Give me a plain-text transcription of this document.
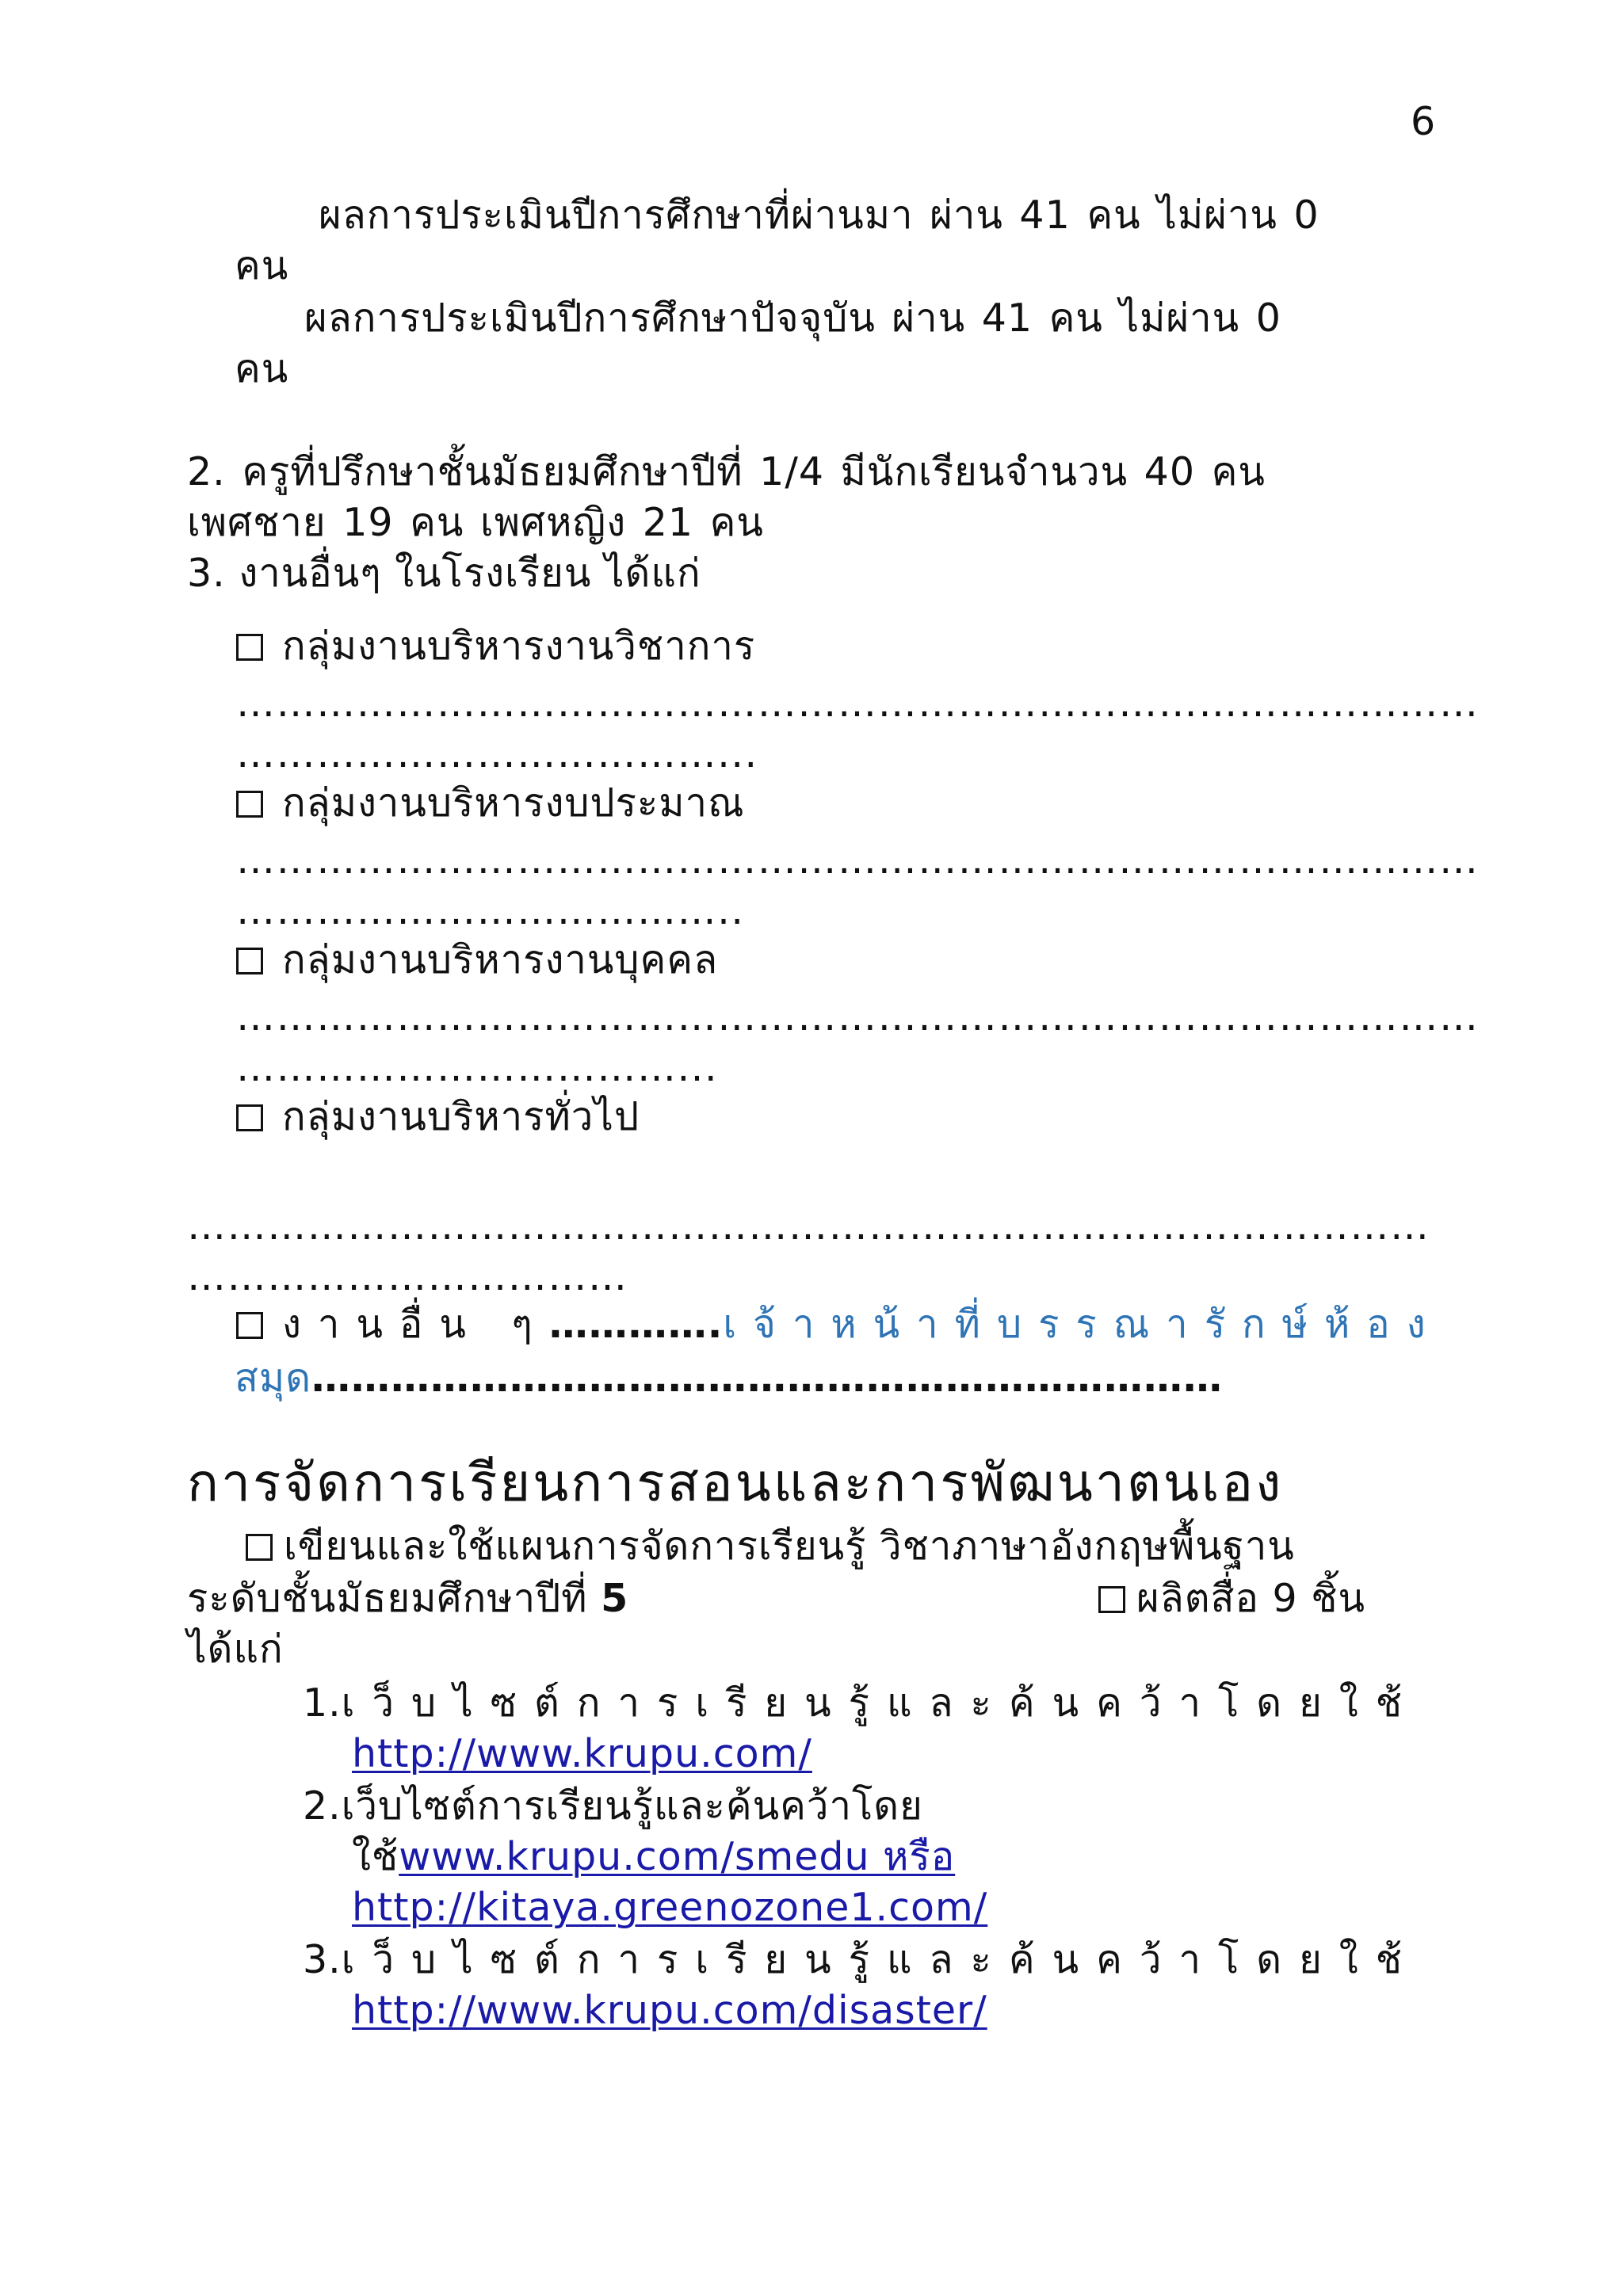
6
ผลการประเมินปีการศึกษาที่ผ่านมา ผ่าน 41 คน ไม่ผ่าน 0
คน
ผลการประเมินปีการศึกษาปัจจุบัน ผ่าน 41 คน ไม่ผ่าน 0
คน
2. ครูที่ปรึกษาชั้นมัธยมศึกษาปีที่ 1/4 มีนักเรียนจำนวน 40 คน
เพศชาย 19 คน เพศหญิง 21 คน
3. งานอื่นๆ ในโรงเรียน ได้แก่
กลุ่มงานบริหารงานวิชาการ
…………………………………………………………………………………
………………………………...
กลุ่มงานบริหารงบประมาณ
…………………………………………………………………………………
………………………………..
กลุ่มงานบริหารงานบุคคล
…………………………………………………………………………………
……………………………...
กลุ่มงานบริหารทั่วไป
…………………………………………………………………………………
……………………………
งานอื่น ๆ………….เจ้าหน้าที่บรรณารักษ์ห้อง
สมุด……………………………………………………………
การจัดการเรียนการสอนและการพัฒนาตนเอง
เขียนและใช้แผนการจัดการเรียนรู้ วิชาภาษาอังกฤษพื้นฐาน
ระดับชั้นมัธยมศึกษาปีที่ 5	ผลิตสื่อ 9 ชิ้น
ได้แก่
1.เว็บไซต์การเรียนรู้และค้นคว้าโดยใช้
http://www.krupu.com/
2.เว็บไซต์การเรียนรู้และค้นคว้าโดย
ใช้www.krupu.com/smedu หรือ
http://kitaya.greenozone1.com/
3.เว็บไซต์การเรียนรู้และค้นคว้าโดยใช้
http://www.krupu.com/disaster/
